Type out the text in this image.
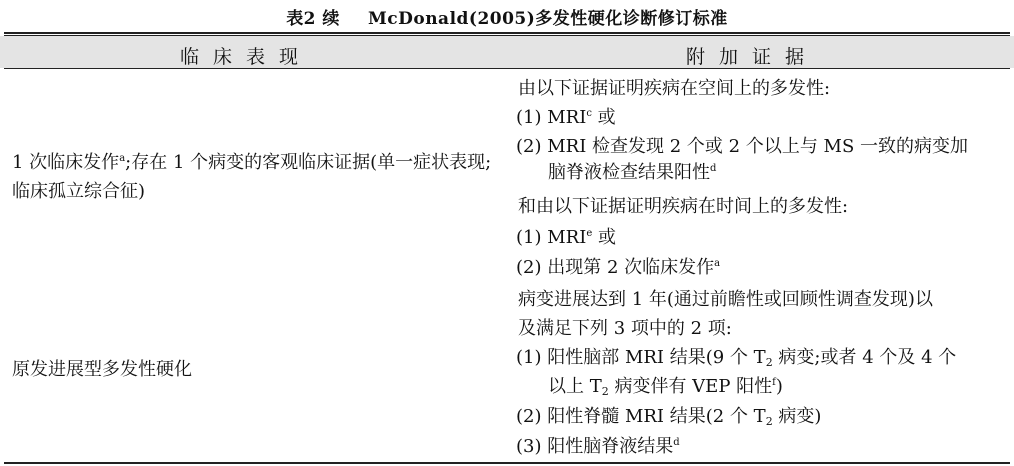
表2 续 McDonald(2005)多发性硬化诊断修订标准
临床表现	附加证据
1 次临床发作$^a$;存在 1 个病变的客观临床证据(单一症状表现;临床孤立综合征)
由以下证据证明疾病在空间上的多发性:
(1) MRI$^c$ 或
(2) MRI 检查发现 2 个或 2 个以上与 MS 一致的病变加
脑脊液检查结果阳性$^d$
和由以下证据证明疾病在时间上的多发性:
(1) MRI$^e$ 或
(2) 出现第 2 次临床发作$^a$
原发进展型多发性硬化
病变进展达到 1 年(通过前瞻性或回顾性调查发现)以
及满足下列 3 项中的 2 项:
(1) 阳性脑部 MRI 结果(9 个 $T_2$ 病变;或者 4 个及 4 个
以上 $T_2$ 病变伴有 VEP 阳性$^f$)
(2) 阳性脊髓 MRI 结果(2 个 $T_2$ 病变)
(3) 阳性脑脊液结果$^d$
